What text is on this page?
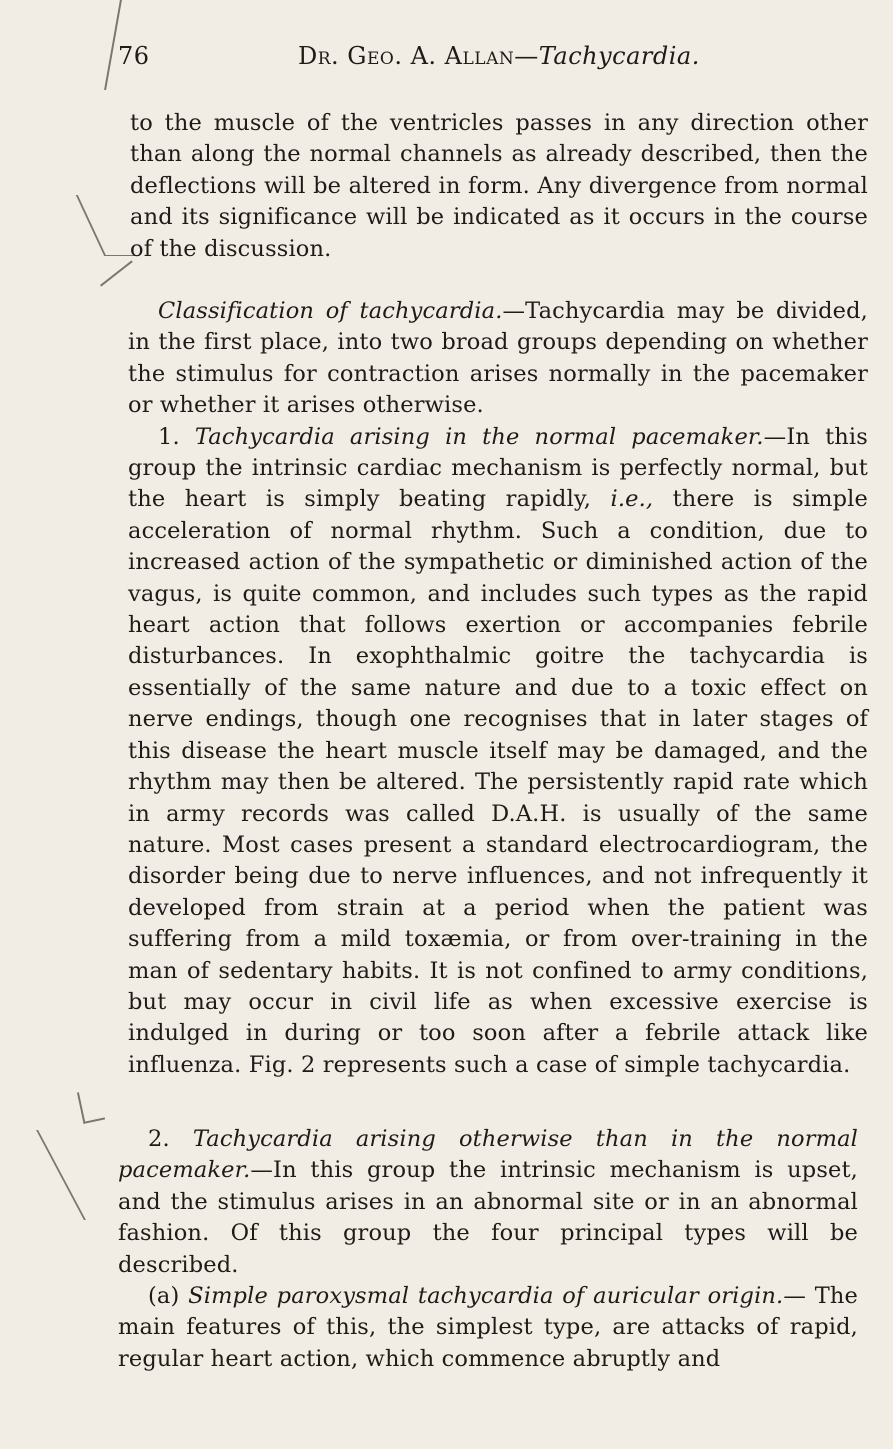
76	Dr. Geo. A. Allan—Tachycardia.

to the muscle of the ventricles passes in any direction other than along the normal channels as already described, then the deflections will be altered in form. Any divergence from normal and its significance will be indicated as it occurs in the course of the discussion.

Classification of tachycardia.—Tachycardia may be divided, in the first place, into two broad groups depending on whether the stimulus for contraction arises normally in the pacemaker or whether it arises otherwise.

1. Tachycardia arising in the normal pacemaker.—In this group the intrinsic cardiac mechanism is perfectly normal, but the heart is simply beating rapidly, i.e., there is simple acceleration of normal rhythm. Such a condition, due to increased action of the sympathetic or diminished action of the vagus, is quite common, and includes such types as the rapid heart action that follows exertion or accompanies febrile disturbances. In exophthalmic goitre the tachycardia is essentially of the same nature and due to a toxic effect on nerve endings, though one recognises that in later stages of this disease the heart muscle itself may be damaged, and the rhythm may then be altered. The persistently rapid rate which in army records was called D.A.H. is usually of the same nature. Most cases present a standard electrocardiogram, the disorder being due to nerve influences, and not infrequently it developed from strain at a period when the patient was suffering from a mild toxæmia, or from over-training in the man of sedentary habits. It is not confined to army conditions, but may occur in civil life as when excessive exercise is indulged in during or too soon after a febrile attack like influenza. Fig. 2 represents such a case of simple tachycardia.

2. Tachycardia arising otherwise than in the normal pacemaker.—In this group the intrinsic mechanism is upset, and the stimulus arises in an abnormal site or in an abnormal fashion. Of this group the four principal types will be described.

(a) Simple paroxysmal tachycardia of auricular origin.— The main features of this, the simplest type, are attacks of rapid, regular heart action, which commence abruptly and
